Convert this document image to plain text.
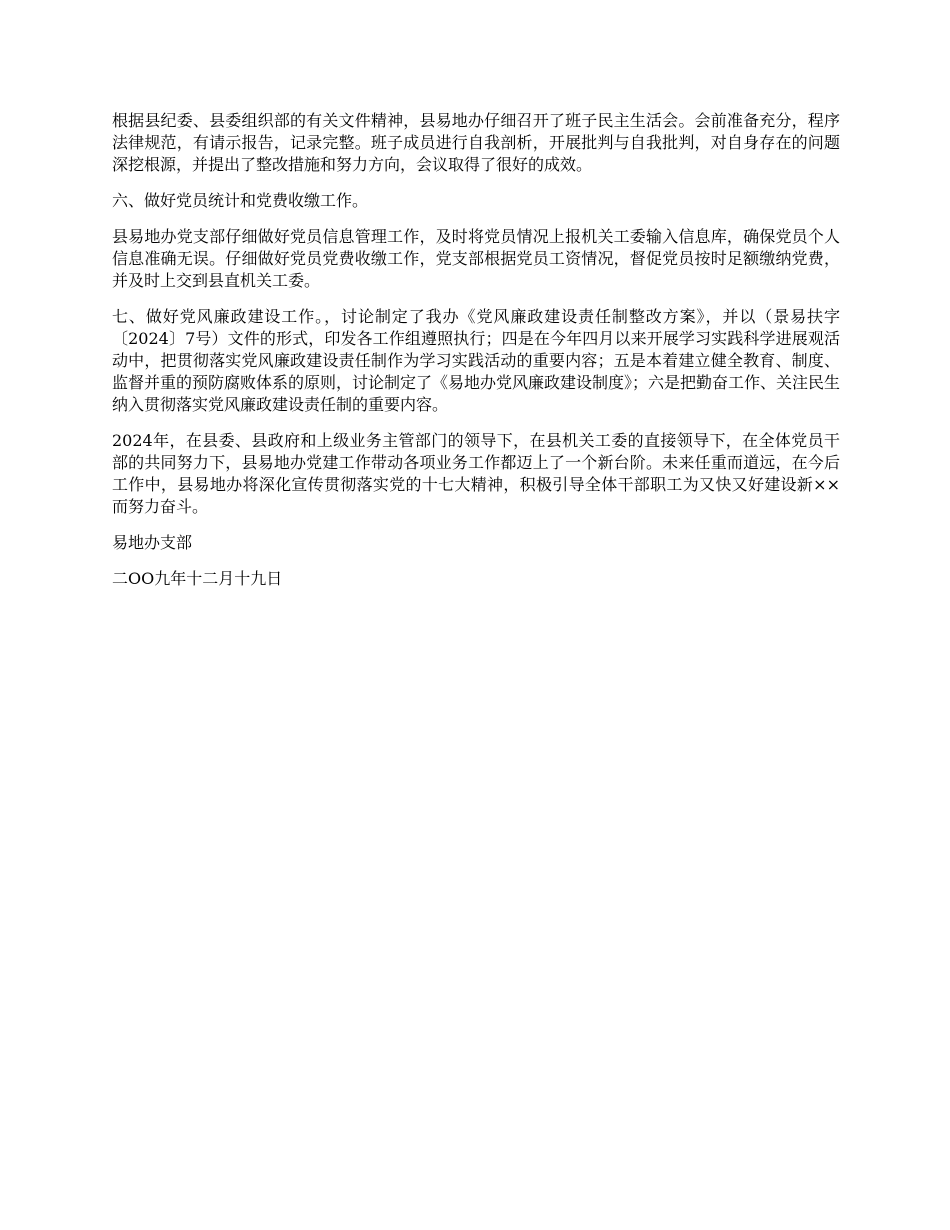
根据县纪委、县委组织部的有关文件精神，县易地办仔细召开了班子民主生活会。会前准备充分，程序法律规范，有请示报告，记录完整。班子成员进行自我剖析，开展批判与自我批判，对自身存在的问题深挖根源，并提出了整改措施和努力方向，会议取得了很好的成效。

六、做好党员统计和党费收缴工作。

县易地办党支部仔细做好党员信息管理工作，及时将党员情况上报机关工委输入信息库，确保党员个人信息准确无误。仔细做好党员党费收缴工作，党支部根据党员工资情况，督促党员按时足额缴纳党费，并及时上交到县直机关工委。

七、做好党风廉政建设工作。，讨论制定了我办《党风廉政建设责任制整改方案》，并以（景易扶字〔2024〕7号）文件的形式，印发各工作组遵照执行；四是在今年四月以来开展学习实践科学进展观活动中，把贯彻落实党风廉政建设责任制作为学习实践活动的重要内容；五是本着建立健全教育、制度、监督并重的预防腐败体系的原则，讨论制定了《易地办党风廉政建设制度》；六是把勤奋工作、关注民生纳入贯彻落实党风廉政建设责任制的重要内容。

2024年，在县委、县政府和上级业务主管部门的领导下，在县机关工委的直接领导下，在全体党员干部的共同努力下，县易地办党建工作带动各项业务工作都迈上了一个新台阶。未来任重而道远，在今后工作中，县易地办将深化宣传贯彻落实党的十七大精神，积极引导全体干部职工为又快又好建设新××而努力奋斗。

易地办支部

二OO九年十二月十九日
